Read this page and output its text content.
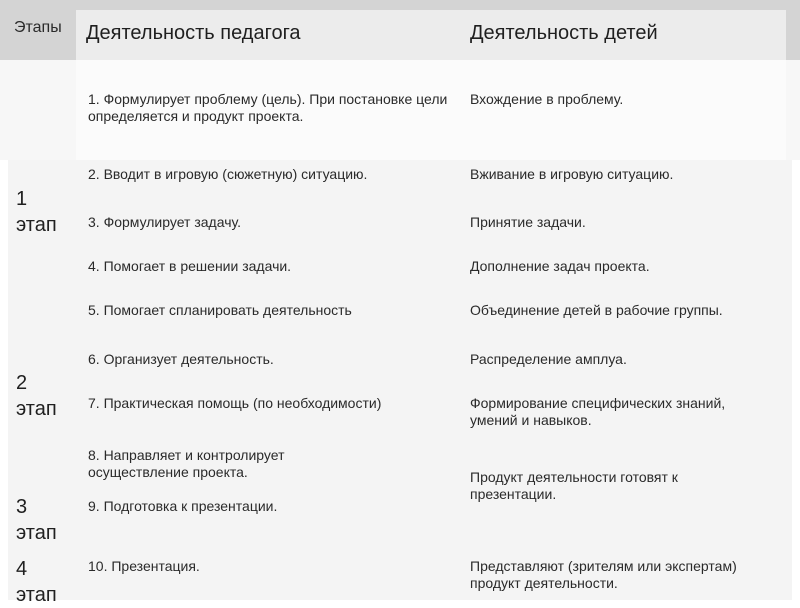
Этапы Деятельность педагога	Деятельность детей
1 этап
2 этап
3 этап
4 этап
1. Формулирует проблему (цель). При постановке цели определяется и продукт проекта.
2. Вводит в игровую (сюжетную) ситуацию.
3. Формулирует задачу.
4. Помогает в решении задачи.
5. Помогает спланировать деятельность
6. Организует деятельность.
7. Практическая помощь (по необходимости)
8. Направляет и контролирует осуществление проекта.
9. Подготовка к презентации.
10. Презентация.
Вхождение в проблему.
Вживание в игровую ситуацию.
Принятие задачи.
Дополнение задач проекта.
Объединение детей в рабочие группы.
Распределение амплуа.
Формирование специфических знаний, умений и навыков.
Продукт деятельности готовят к презентации.
Представляют (зрителям или экспертам) продукт деятельности.
